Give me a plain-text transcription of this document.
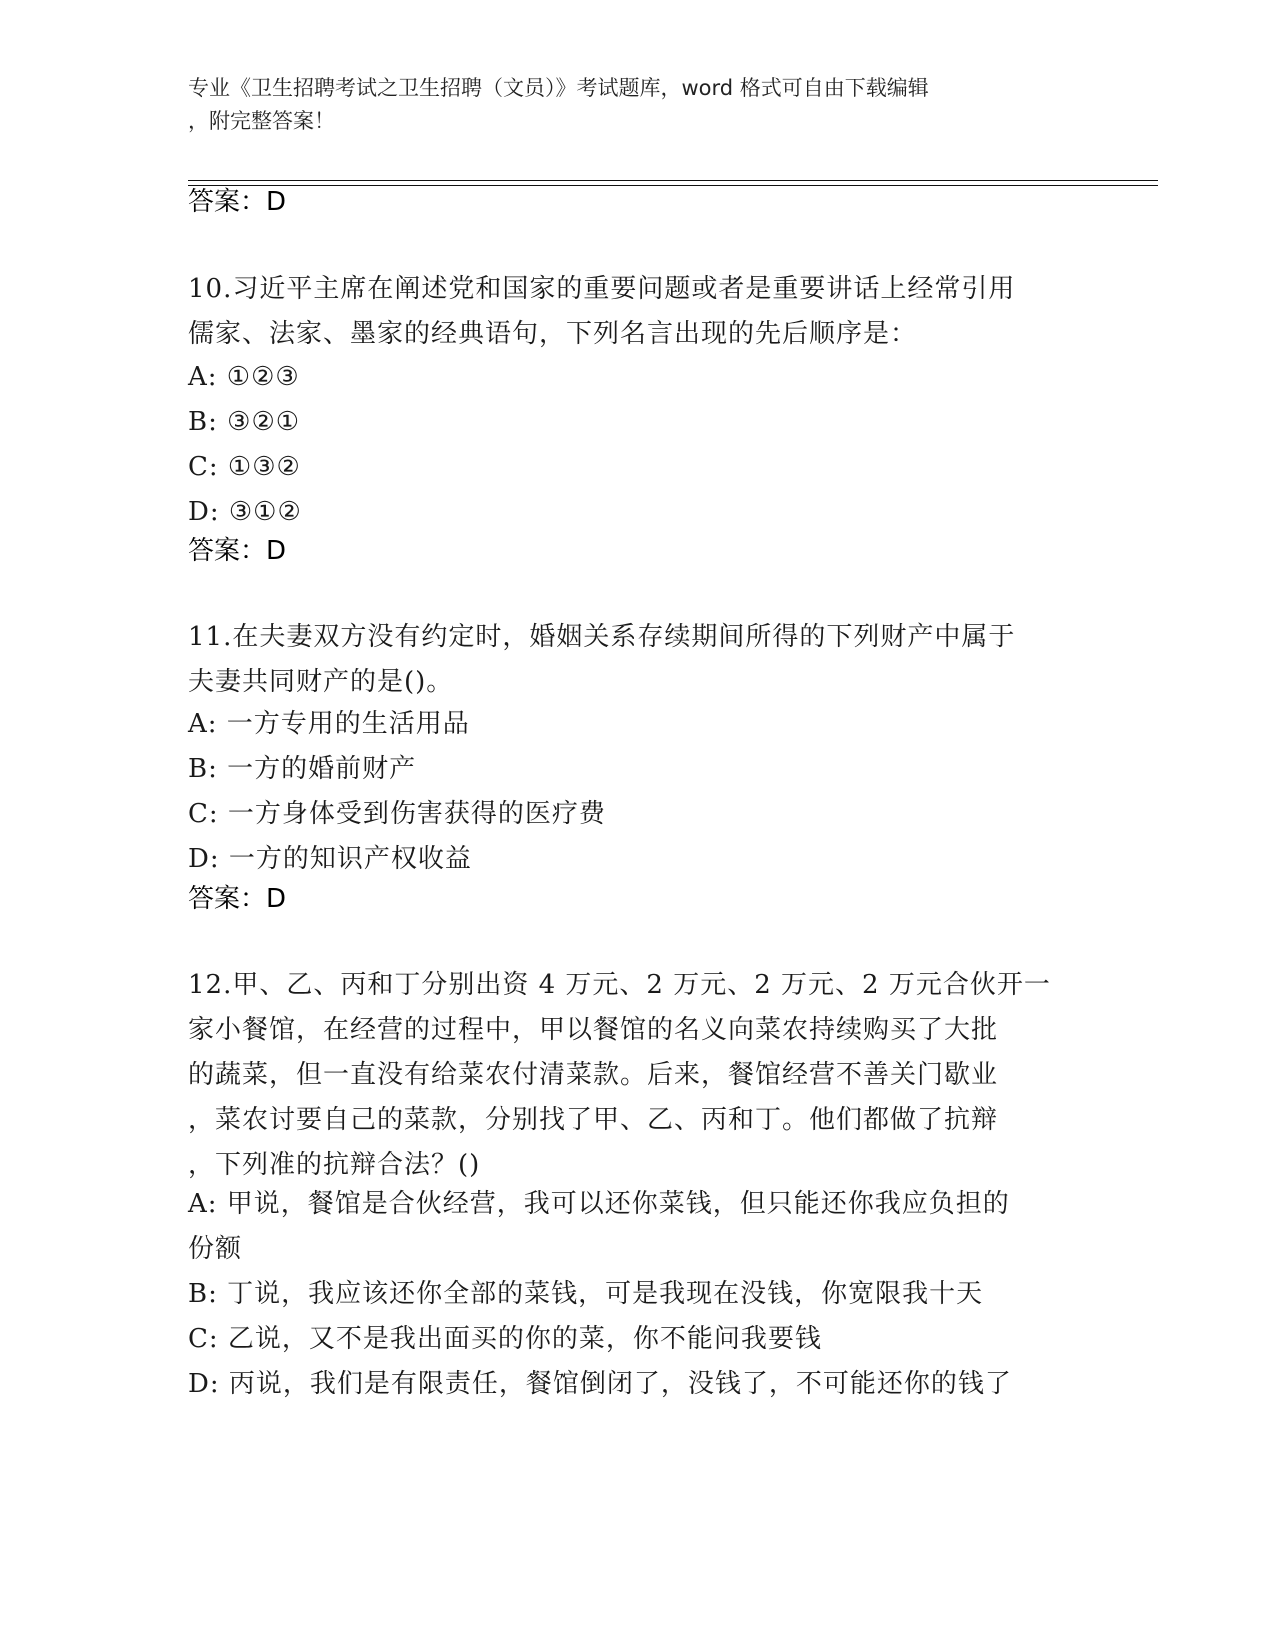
专业《卫生招聘考试之卫生招聘（文员）》考试题库，word 格式可自由下载编辑

，附完整答案！

答案：D

10.习近平主席在阐述党和国家的重要问题或者是重要讲话上经常引用

儒家、法家、墨家的经典语句，下列名言出现的先后顺序是：

A: ①②③

B: ③②①

C: ①③②

D: ③①②

答案：D

11.在夫妻双方没有约定时，婚姻关系存续期间所得的下列财产中属于

夫妻共同财产的是()。

A: 一方专用的生活用品

B: 一方的婚前财产

C: 一方身体受到伤害获得的医疗费

D: 一方的知识产权收益

答案：D

12.甲、乙、丙和丁分别出资 4 万元、2 万元、2 万元、2 万元合伙开一

家小餐馆，在经营的过程中，甲以餐馆的名义向菜农持续购买了大批

的蔬菜，但一直没有给菜农付清菜款。后来，餐馆经营不善关门歇业

，菜农讨要自己的菜款，分别找了甲、乙、丙和丁。他们都做了抗辩

，下列准的抗辩合法？()

A: 甲说，餐馆是合伙经营，我可以还你菜钱，但只能还你我应负担的

份额

B: 丁说，我应该还你全部的菜钱，可是我现在没钱，你宽限我十天

C: 乙说，又不是我出面买的你的菜，你不能问我要钱

D: 丙说，我们是有限责任，餐馆倒闭了，没钱了，不可能还你的钱了
